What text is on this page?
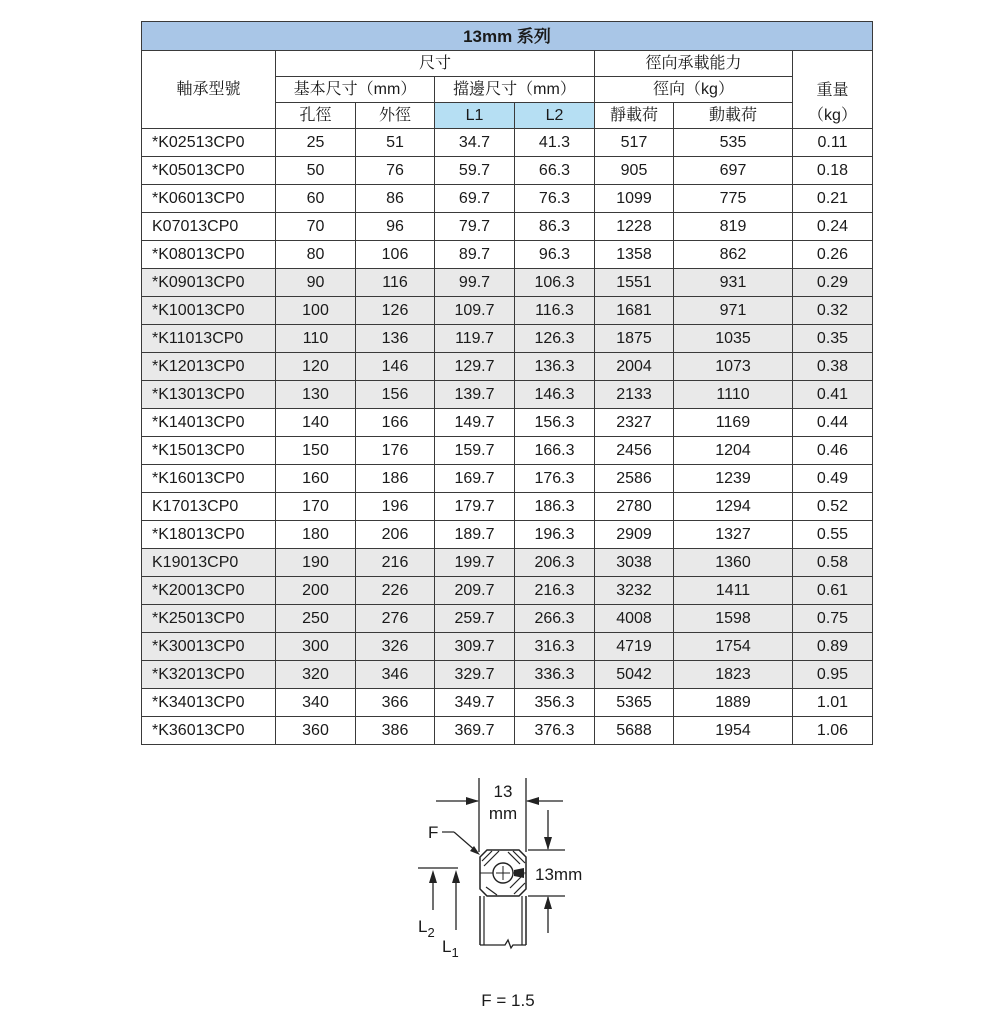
13mm 系列							
軸承型號	尺寸				徑向承載能力		重量
	基本尺寸（mm）		擋邊尺寸（mm）		徑向（kg）		
	孔徑	外徑	L1	L2	靜載荷	動載荷	（kg）
*K02513CP0	25	51	34.7	41.3	517	535	0.11
*K05013CP0	50	76	59.7	66.3	905	697	0.18
*K06013CP0	60	86	69.7	76.3	1099	775	0.21
K07013CP0	70	96	79.7	86.3	1228	819	0.24
*K08013CP0	80	106	89.7	96.3	1358	862	0.26
*K09013CP0	90	116	99.7	106.3	1551	931	0.29
*K10013CP0	100	126	109.7	116.3	1681	971	0.32
*K11013CP0	110	136	119.7	126.3	1875	1035	0.35
*K12013CP0	120	146	129.7	136.3	2004	1073	0.38
*K13013CP0	130	156	139.7	146.3	2133	1110	0.41
*K14013CP0	140	166	149.7	156.3	2327	1169	0.44
*K15013CP0	150	176	159.7	166.3	2456	1204	0.46
*K16013CP0	160	186	169.7	176.3	2586	1239	0.49
K17013CP0	170	196	179.7	186.3	2780	1294	0.52
*K18013CP0	180	206	189.7	196.3	2909	1327	0.55
K19013CP0	190	216	199.7	206.3	3038	1360	0.58
*K20013CP0	200	226	209.7	216.3	3232	1411	0.61
*K25013CP0	250	276	259.7	266.3	4008	1598	0.75
*K30013CP0	300	326	309.7	316.3	4719	1754	0.89
*K32013CP0	320	346	329.7	336.3	5042	1823	0.95
*K34013CP0	340	366	349.7	356.3	5365	1889	1.01
*K36013CP0	360	386	369.7	376.3	5688	1954	1.06
13
mm
13mm
F
$L_2$
$L_1$
F = 1.5
